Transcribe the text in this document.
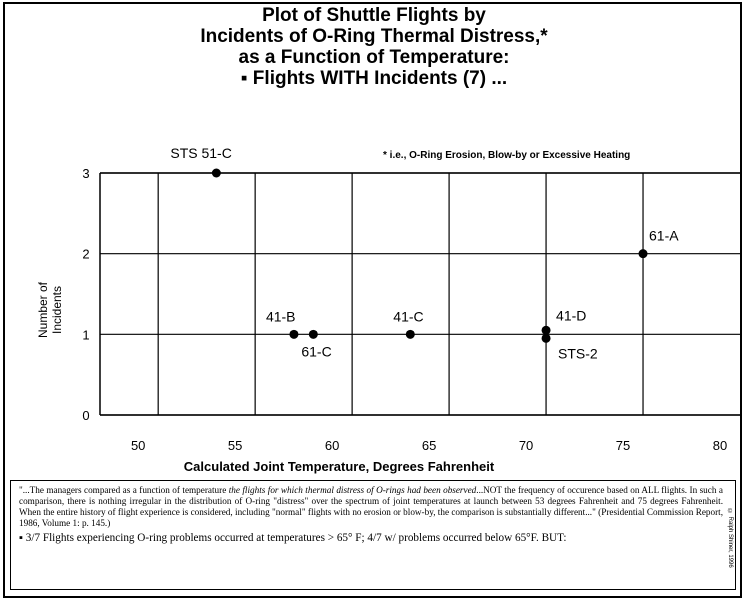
Plot of Shuttle Flights by
Incidents of O-Ring Thermal Distress,*
as a Function of Temperature:
▪ Flights WITH Incidents (7) ...
* i.e., O-Ring Erosion, Blow-by or Excessive Heating
50	55	60	65	70	75	80
0
1
2
3
STS 51-C
41-B
61-C
41-C	41-D
STS-2
61-A
Calculated Joint Temperature, Degrees Fahrenheit
Number of Incidents
"...The managers compared as a function of temperature the flights for which thermal distress of O-rings had been observed...NOT the frequency of occurence based on ALL flights. In such a comparison, there is nothing irregular in the distribution of O-ring "distress" over the spectrum of joint temperatures at launch between 53 degrees Fahrenheit and 75 degrees Fahrenheit. When the entire history of flight experience is considered, including "normal" flights with no erosion or blow-by, the comparison is substantially different..." (Presidential Commission Report, 1986, Volume 1: p. 145.)
▪ 3/7 Flights experiencing O-ring problems occurred at temperatures > 65° F; 4/7 w/ problems occurred below 65°F. BUT:	© Ralph Shiner, 1996
